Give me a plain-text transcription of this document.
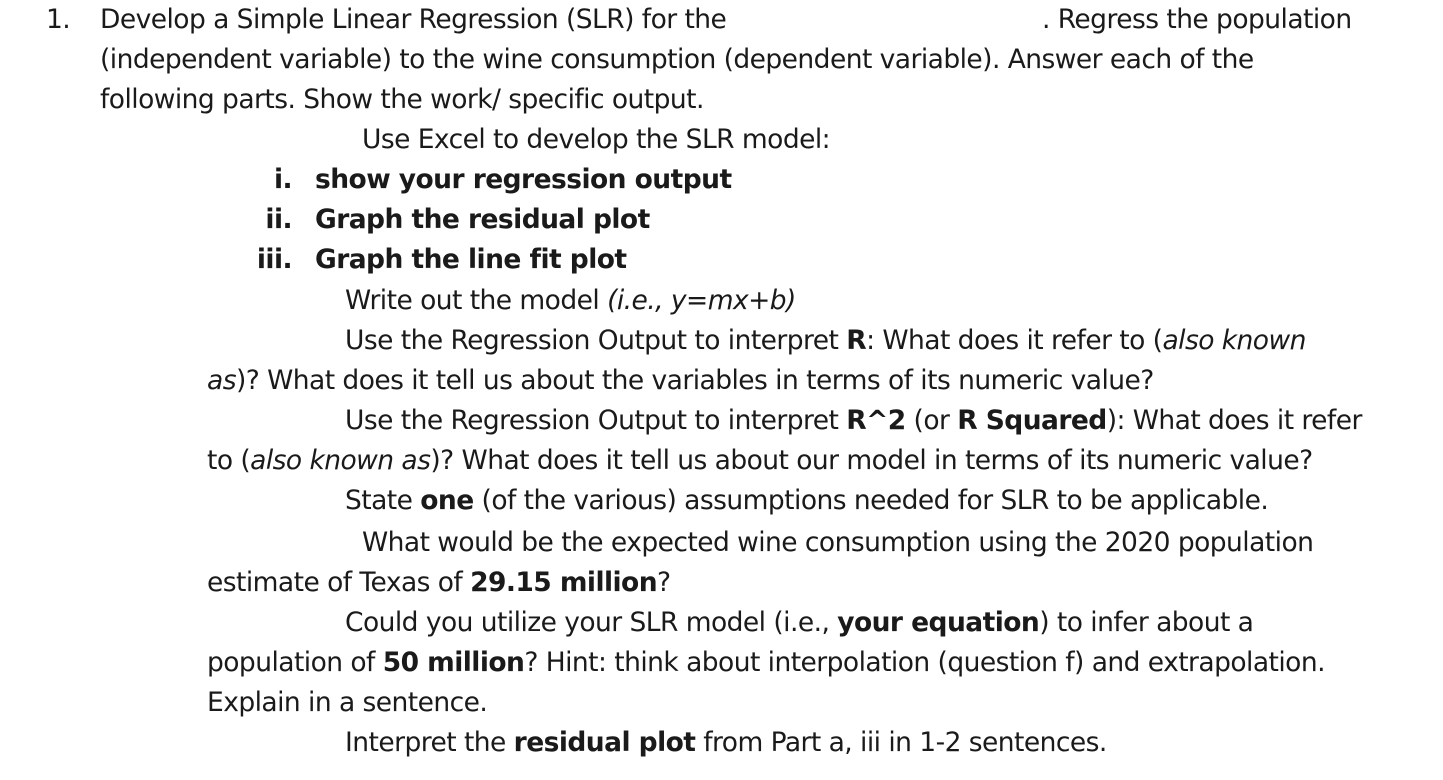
1. Develop a Simple Linear Regression (SLR) for the	. Regress the population
(independent variable) to the wine consumption (dependent variable). Answer each of the
following parts. Show the work/ specific output.
Use Excel to develop the SLR model:
i. show your regression output
ii. Graph the residual plot
iii. Graph the line fit plot
Write out the model (i.e., y=mx+b)
Use the Regression Output to interpret R: What does it refer to (also known
as)? What does it tell us about the variables in terms of its numeric value?
Use the Regression Output to interpret R^2 (or R Squared): What does it refer
to (also known as)? What does it tell us about our model in terms of its numeric value?
State one (of the various) assumptions needed for SLR to be applicable.
What would be the expected wine consumption using the 2020 population
estimate of Texas of 29.15 million?
Could you utilize your SLR model (i.e., your equation) to infer about a
population of 50 million? Hint: think about interpolation (question f) and extrapolation.
Explain in a sentence.
Interpret the residual plot from Part a, iii in 1-2 sentences.
